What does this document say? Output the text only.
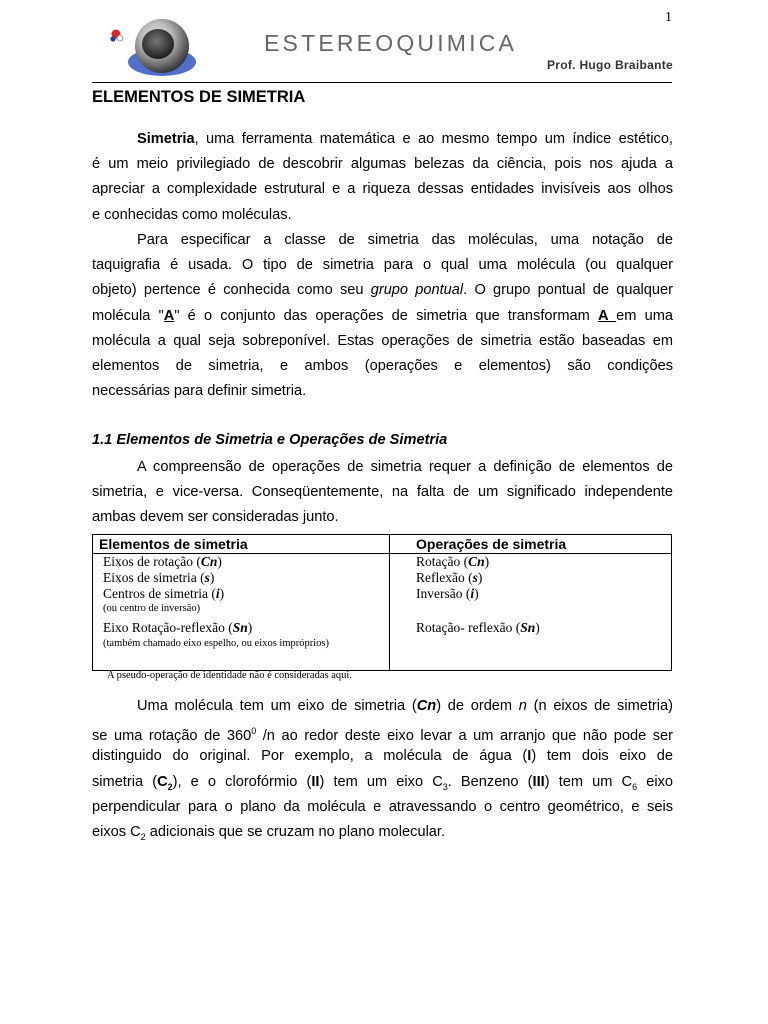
1
ESTEREOQUIMICA
Prof. Hugo Braibante
ELEMENTOS DE SIMETRIA
Simetria, uma ferramenta matemática e ao mesmo tempo um índice estético,
é um meio privilegiado de descobrir algumas belezas da ciência, pois nos ajuda a
apreciar a complexidade estrutural e a riqueza dessas entidades invisíveis aos olhos
e conhecidas como moléculas.
Para especificar a classe de simetria das moléculas, uma notação de
taquigrafia é usada. O tipo de simetria para o qual uma molécula (ou qualquer
objeto) pertence é conhecida como seu grupo pontual. O grupo pontual de qualquer
molécula "A" é o conjunto das operações de simetria que transformam A em uma
molécula a qual seja sobreponível. Estas operações de simetria estão baseadas em
elementos de simetria, e ambos (operações e elementos) são condições
necessárias para definir simetria.
1.1 Elementos de Simetria e Operações de Simetria
A compreensão de operações de simetria requer a definição de elementos de
simetria, e vice-versa. Conseqüentemente, na falta de um significado independente
ambas devem ser consideradas junto.
Elementos de simetria	Operações de simetria
Eixos de rotação (Cn)	Rotação (Cn)
Eixos de simetria (s)	Reflexão (s)
Centros de simetria (i)	Inversão (i)
(ou centro de inversão)
Eixo Rotação-reflexão (Sn)	Rotação- reflexão (Sn)
(também chamado eixo espelho, ou eixos impróprios)
A pseudo-operação de identidade não é consideradas aqui.
Uma molécula tem um eixo de simetria (Cn) de ordem n (n eixos de simetria)
se uma rotação de $360^0$ /n ao redor deste eixo levar a um arranjo que não pode ser
distinguido do original. Por exemplo, a molécula de água (I) tem dois eixo de
simetria $(C_2)$, e o clorofórmio (II) tem um eixo $C_3$. Benzeno (III) tem um $C_6$ eixo
perpendicular para o plano da molécula e atravessando o centro geométrico, e seis
eixos $C_2$ adicionais que se cruzam no plano molecular.
